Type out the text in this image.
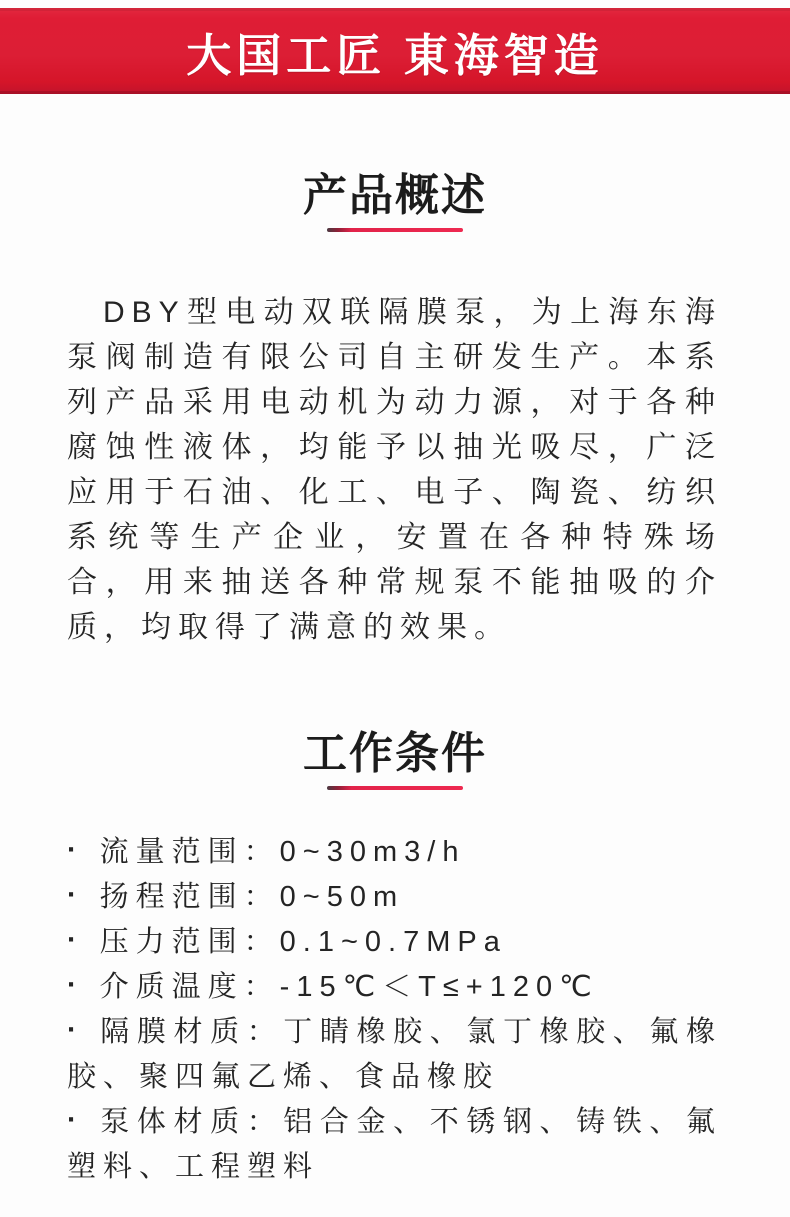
大国工匠 東海智造
产品概述

DBY型电动双联隔膜泵，为上海东海泵阀制造有限公司自主研发生产。本系列产品采用电动机为动力源，对于各种腐蚀性液体，均能予以抽光吸尽，广泛应用于石油、化工、电子、陶瓷、纺织系统等生产企业，安置在各种特殊场合，用来抽送各种常规泵不能抽吸的介质，均取得了满意的效果。

工作条件

· 流量范围：0~30m3/h

· 扬程范围：0~50m

· 压力范围：0.1~0.7MPa

· 介质温度：-15℃＜T≤+120℃

· 隔膜材质：丁睛橡胶、氯丁橡胶、氟橡胶、聚四氟乙烯、食品橡胶

· 泵体材质：铝合金、不锈钢、铸铁、氟塑料、工程塑料
